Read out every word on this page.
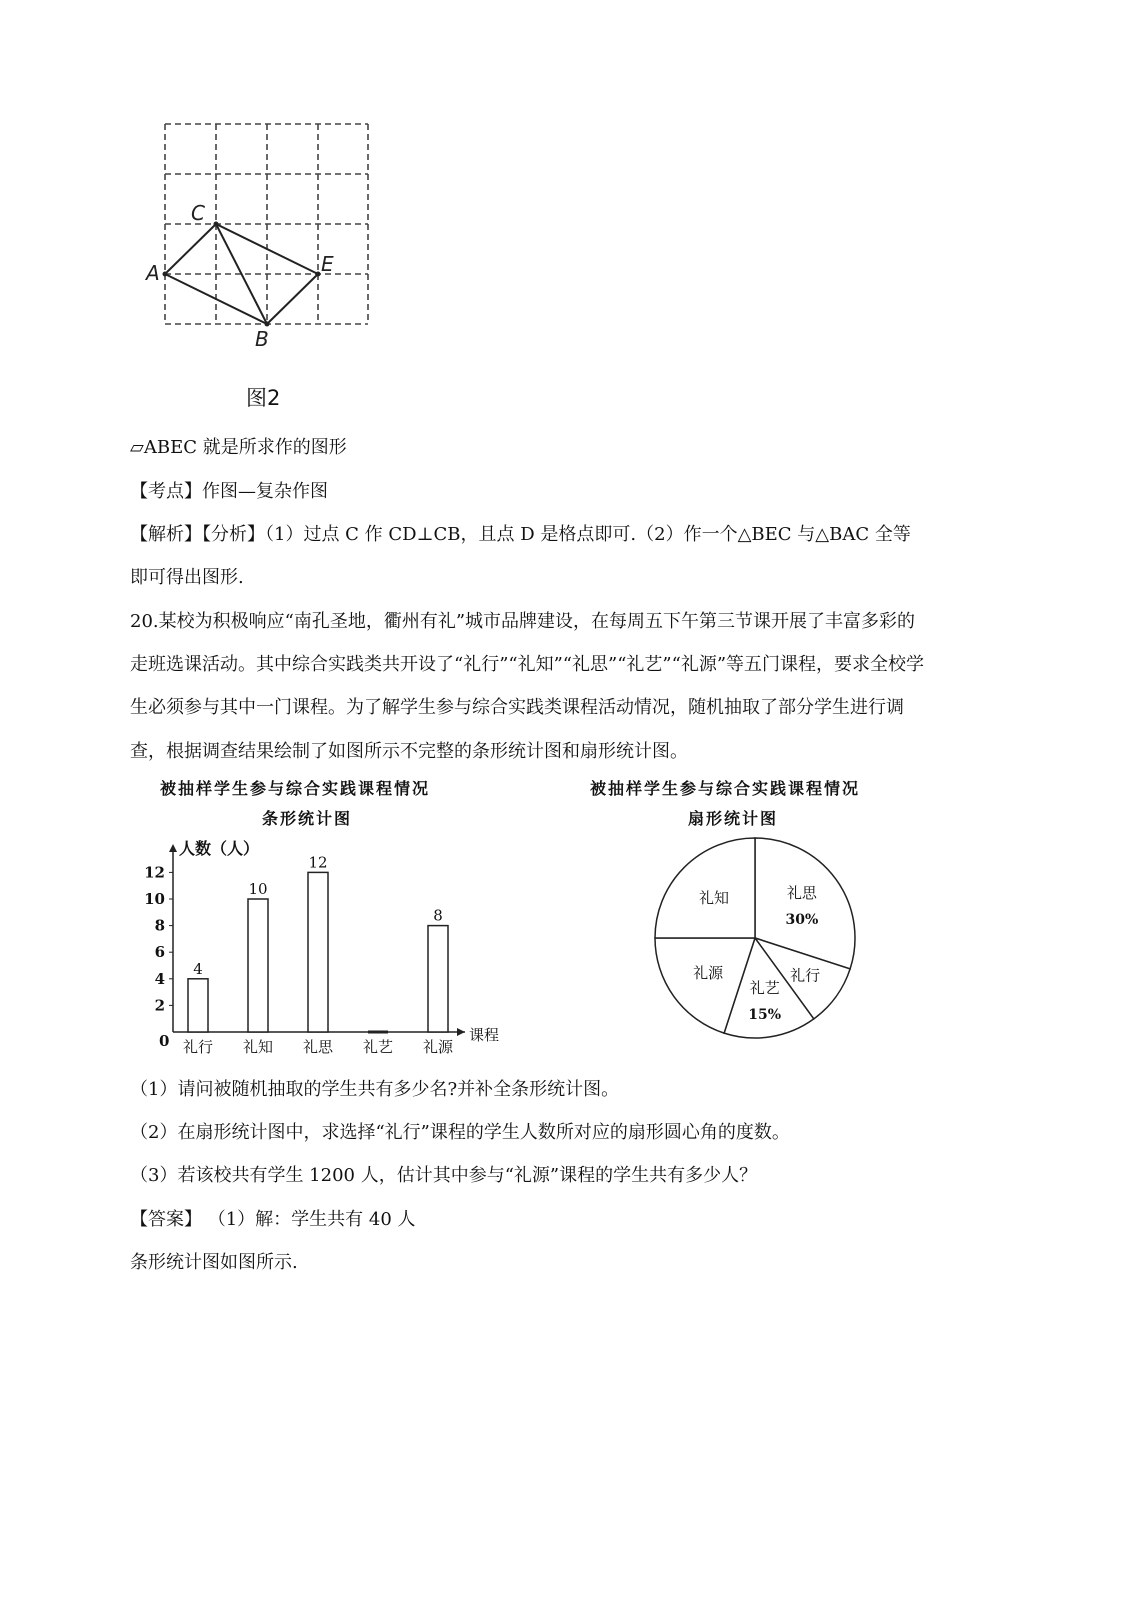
A
B
C
E
图2
▱ABEC 就是所求作的图形
【考点】作图—复杂作图
【解析】【分析】（1）过点 C 作 CD⊥CB，且点 D 是格点即可.（2）作一个△BEC 与△BAC 全等
即可得出图形.
20.某校为积极响应“南孔圣地，衢州有礼”城市品牌建设，在每周五下午第三节课开展了丰富多彩的
走班选课活动。其中综合实践类共开设了“礼行”“礼知”“礼思”“礼艺”“礼源”等五门课程，要求全校学
生必须参与其中一门课程。为了解学生参与综合实践类课程活动情况，随机抽取了部分学生进行调
查，根据调查结果绘制了如图所示不完整的条形统计图和扇形统计图。
被抽样学生参与综合实践课程情况
条形统计图
人数（人）
课程
0
2
4
6
8
10
12
4
礼行
10
礼知
12
礼思 礼艺
8
礼源
被抽样学生参与综合实践课程情况
扇形统计图
礼思
30%
礼行
礼艺
15%
礼源
礼知
（1）请问被随机抽取的学生共有多少名?并补全条形统计图。
（2）在扇形统计图中，求选择“礼行”课程的学生人数所对应的扇形圆心角的度数。
（3）若该校共有学生 1200 人，估计其中参与“礼源”课程的学生共有多少人？
【答案】 （1）解：学生共有 40 人
条形统计图如图所示.
